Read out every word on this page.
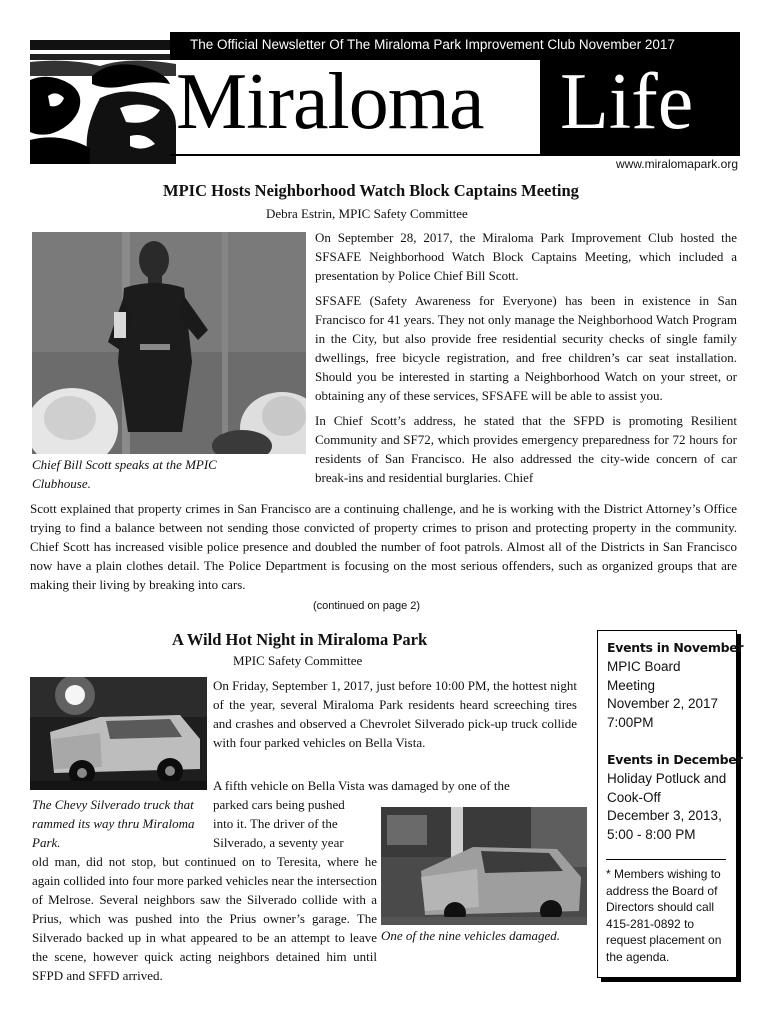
The Official Newsletter Of The Miraloma Park Improvement Club November 2017
Miraloma Life
www.miralomapark.org
MPIC Hosts Neighborhood Watch Block Captains Meeting
Debra Estrin, MPIC Safety Committee
Chief Bill Scott speaks at the MPIC Clubhouse.

On September 28, 2017, the Miraloma Park Improvement Club hosted the SFSAFE Neighborhood Watch Block Captains Meeting, which included a presentation by Police Chief Bill Scott.

SFSAFE (Safety Awareness for Everyone) has been in existence in San Francisco for 41 years. They not only manage the Neighborhood Watch Program in the City, but also provide free residential security checks of single family dwellings, free bicycle registration, and free children’s car seat installation. Should you be interested in starting a Neighborhood Watch on your street, or obtaining any of these services, SFSAFE will be able to assist you.

In Chief Scott’s address, he stated that the SFPD is promoting Resilient Community and SF72, which provides emergency preparedness for 72 hours for residents of San Francisco. He also addressed the city-wide concern of car break-ins and residential burglaries. Chief

Scott explained that property crimes in San Francisco are a continuing challenge, and he is working with the District Attorney’s Office trying to find a balance between not sending those convicted of property crimes to prison and protecting property in the community. Chief Scott has increased visible police presence and doubled the number of foot patrols. Almost all of the Districts in San Francisco now have a plain clothes detail. The Police Department is focusing on the most serious offenders, such as organized groups that are making their living by breaking into cars.
(continued on page 2)
A Wild Hot Night in Miraloma Park
MPIC Safety Committee
The Chevy Silverado truck that rammed its way thru Miraloma Park.
On Friday, September 1, 2017, just before 10:00 PM, the hottest night of the year, several Miraloma Park residents heard screeching tires and crashes and observed a Chevrolet Silverado pick-up truck collide with four parked vehicles on Bella Vista.
A fifth vehicle on Bella Vista was damaged by one of the
parked cars being pushed
into it. The driver of the
Silverado, a seventy year
old man, did not stop, but continued on to Teresita, where he again collided into four more parked vehicles near the intersection of Melrose. Several neighbors saw the Silverado collide with a Prius, which was pushed into the Prius owner’s garage. The Silverado backed up in what appeared to be an attempt to leave the scene, however quick acting neighbors detained him until SFPD and SFFD arrived.
One of the nine vehicles damaged.
Events in November
MPIC Board Meeting
November 2, 2017
7:00PM
Events in December
Holiday Potluck and Cook-Off
December 3, 2013,
5:00 - 8:00 PM
* Members wishing to address the Board of Directors should call 415-281-0892 to request placement on the agenda.
